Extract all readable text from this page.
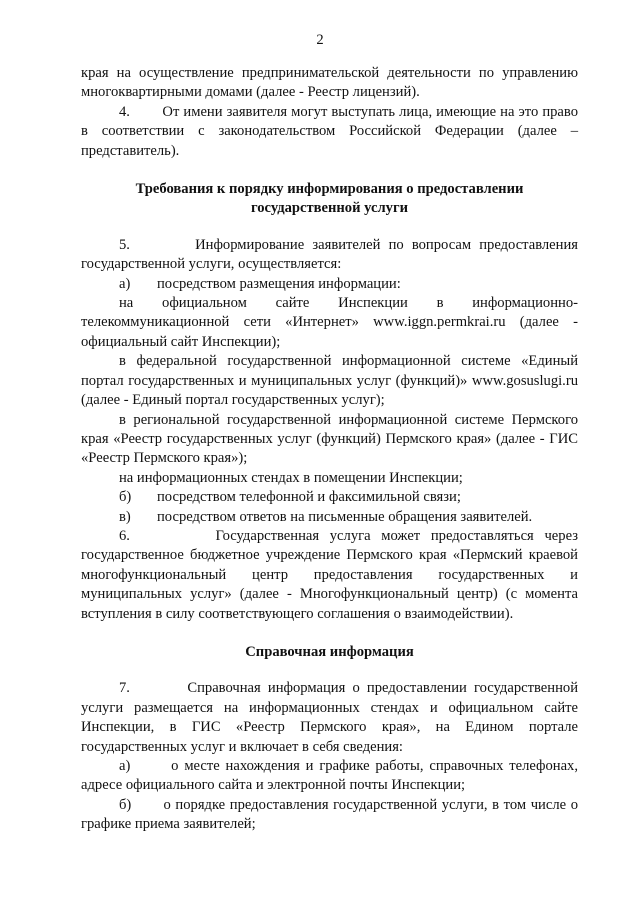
2

края на осуществление предпринимательской деятельности по управлению многоквартирными домами (далее - Реестр лицензий).

4.        От имени заявителя могут выступать лица, имеющие на это право в соответствии с законодательством Российской Федерации (далее – представитель).

Требования к порядку информирования о предоставлении государственной услуги

5.        Информирование заявителей по вопросам предоставления государственной услуги, осуществляется:

а)	посредством размещения информации:

на официальном сайте Инспекции в информационно-телекоммуникационной сети «Интернет» www.iggn.permkrai.ru (далее - официальный сайт Инспекции);

в федеральной государственной информационной системе «Единый портал государственных и муниципальных услуг (функций)» www.gosuslugi.ru (далее - Единый портал государственных услуг);

в региональной государственной информационной системе Пермского края «Реестр государственных услуг (функций) Пермского края» (далее - ГИС «Реестр Пермского края»);

на информационных стендах в помещении Инспекции;

б)	посредством телефонной и факсимильной связи;
в)	посредством ответов на письменные обращения заявителей.

6.        Государственная услуга может предоставляться через государственное бюджетное учреждение Пермского края «Пермский краевой многофункциональный центр предоставления государственных и муниципальных услуг» (далее - Многофункциональный центр) (с момента вступления в силу соответствующего соглашения о взаимодействии).

Справочная информация

7.        Справочная информация о предоставлении государственной услуги размещается на информационных стендах и официальном сайте Инспекции, в ГИС «Реестр Пермского края», на Едином портале государственных услуг и включает в себя сведения:

а)       о месте нахождения и графике работы, справочных телефонах, адресе официального сайта и электронной почты Инспекции;

б)       о порядке предоставления государственной услуги, в том числе о графике приема заявителей;
